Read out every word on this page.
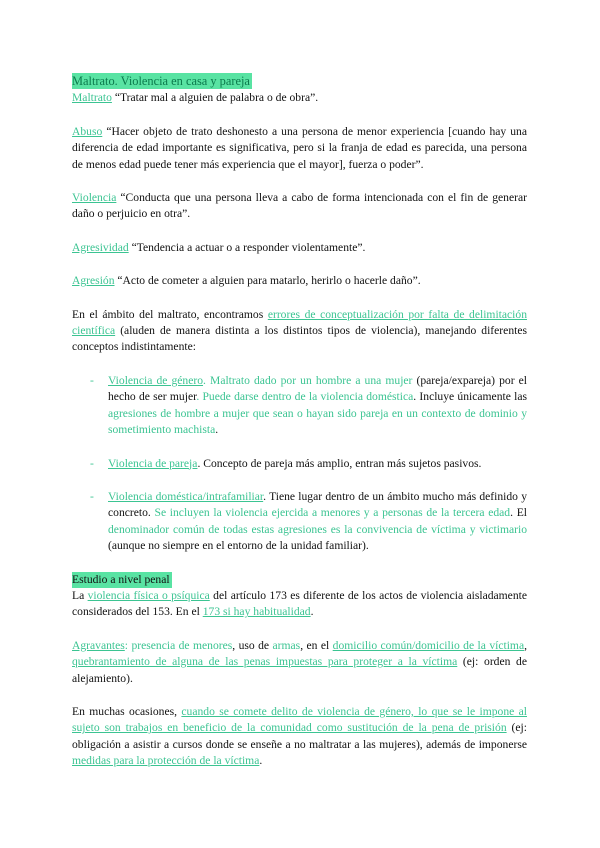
Maltrato. Violencia en casa y pareja

Maltrato “Tratar mal a alguien de palabra o de obra”.

Abuso “Hacer objeto de trato deshonesto a una persona de menor experiencia [cuando hay una diferencia de edad importante es significativa, pero si la franja de edad es parecida, una persona de menos edad puede tener más experiencia que el mayor], fuerza o poder”.

Violencia “Conducta que una persona lleva a cabo de forma intencionada con el fin de generar daño o perjuicio en otra”.

Agresividad “Tendencia a actuar o a responder violentamente”.

Agresión “Acto de cometer a alguien para matarlo, herirlo o hacerle daño”.

En el ámbito del maltrato, encontramos errores de conceptualización por falta de delimitación científica (aluden de manera distinta a los distintos tipos de violencia), manejando diferentes conceptos indistintamente:

- Violencia de género. Maltrato dado por un hombre a una mujer (pareja/expareja) por el hecho de ser mujer. Puede darse dentro de la violencia doméstica. Incluye únicamente las agresiones de hombre a mujer que sean o hayan sido pareja en un contexto de dominio y sometimiento machista.
- Violencia de pareja. Concepto de pareja más amplio, entran más sujetos pasivos.
- Violencia doméstica/intrafamiliar. Tiene lugar dentro de un ámbito mucho más definido y concreto. Se incluyen la violencia ejercida a menores y a personas de la tercera edad. El denominador común de todas estas agresiones es la convivencia de víctima y victimario (aunque no siempre en el entorno de la unidad familiar).
Estudio a nivel penal

La violencia física o psíquica del artículo 173 es diferente de los actos de violencia aisladamente considerados del 153. En el 173 si hay habitualidad.

Agravantes: presencia de menores, uso de armas, en el domicilio común/domicilio de la víctima, quebrantamiento de alguna de las penas impuestas para proteger a la víctima (ej: orden de alejamiento).

En muchas ocasiones, cuando se comete delito de violencia de género, lo que se le impone al sujeto son trabajos en beneficio de la comunidad como sustitución de la pena de prisión (ej: obligación a asistir a cursos donde se enseñe a no maltratar a las mujeres), además de imponerse medidas para la protección de la víctima.
